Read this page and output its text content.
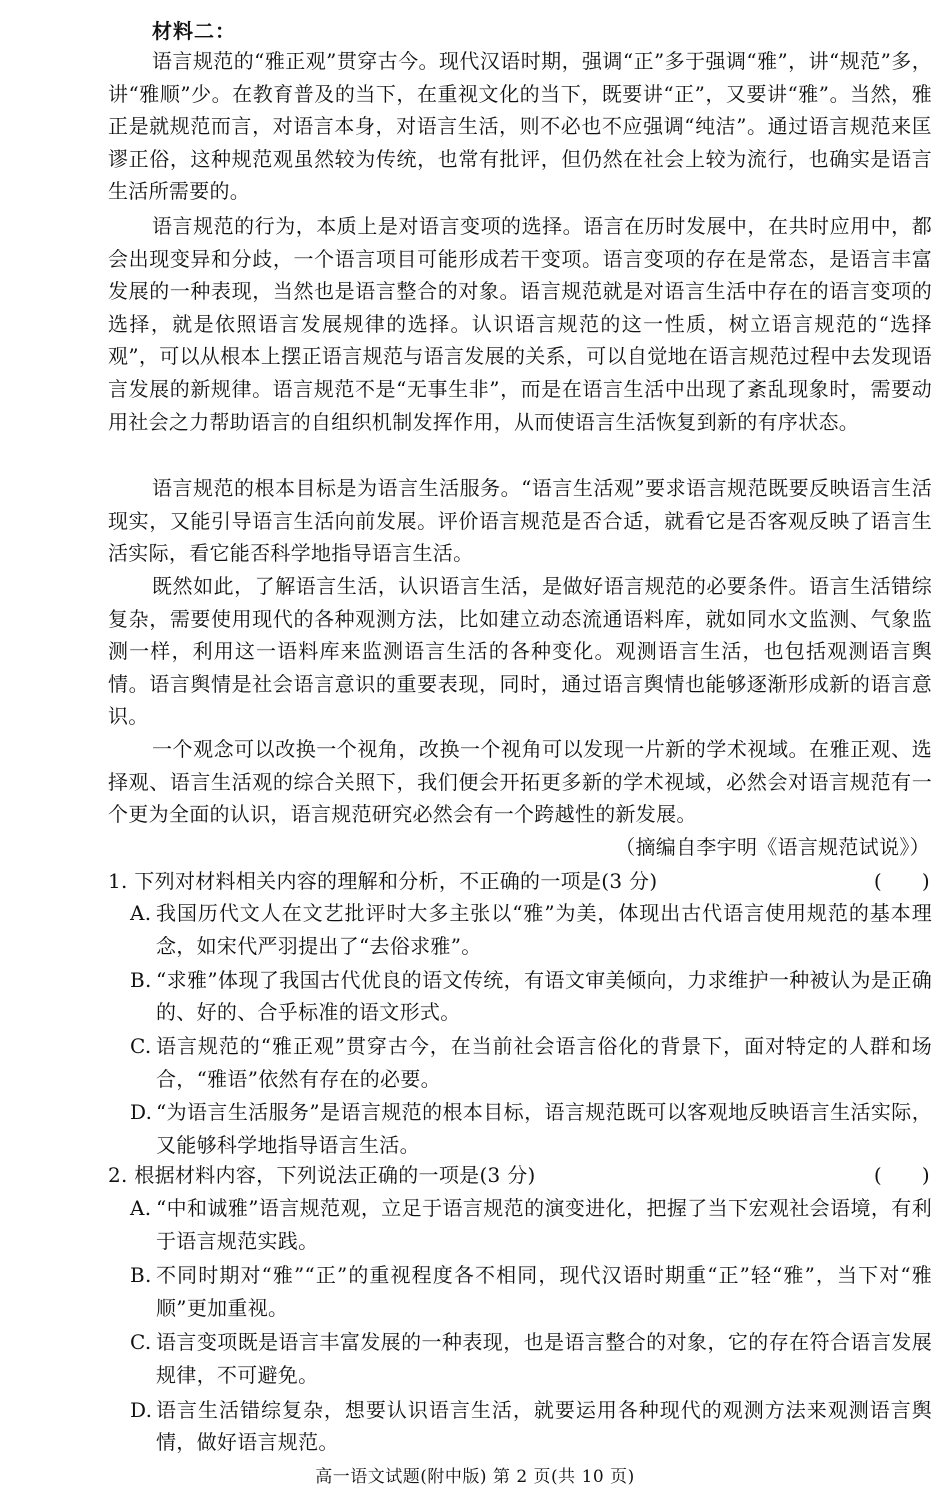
材料二：

语言规范的“雅正观”贯穿古今。现代汉语时期，强调“正”多于强调“雅”，讲“规范”多，讲“雅顺”少。在教育普及的当下，在重视文化的当下，既要讲“正”，又要讲“雅”。当然，雅正是就规范而言，对语言本身，对语言生活，则不必也不应强调“纯洁”。通过语言规范来匡谬正俗，这种规范观虽然较为传统，也常有批评，但仍然在社会上较为流行，也确实是语言生活所需要的。

语言规范的行为，本质上是对语言变项的选择。语言在历时发展中，在共时应用中，都会出现变异和分歧，一个语言项目可能形成若干变项。语言变项的存在是常态，是语言丰富发展的一种表现，当然也是语言整合的对象。语言规范就是对语言生活中存在的语言变项的选择，就是依照语言发展规律的选择。认识语言规范的这一性质，树立语言规范的“选择观”，可以从根本上摆正语言规范与语言发展的关系，可以自觉地在语言规范过程中去发现语言发展的新规律。语言规范不是“无事生非”，而是在语言生活中出现了紊乱现象时，需要动用社会之力帮助语言的自组织机制发挥作用，从而使语言生活恢复到新的有序状态。

语言规范的根本目标是为语言生活服务。“语言生活观”要求语言规范既要反映语言生活现实，又能引导语言生活向前发展。评价语言规范是否合适，就看它是否客观反映了语言生活实际，看它能否科学地指导语言生活。

既然如此，了解语言生活，认识语言生活，是做好语言规范的必要条件。语言生活错综复杂，需要使用现代的各种观测方法，比如建立动态流通语料库，就如同水文监测、气象监测一样，利用这一语料库来监测语言生活的各种变化。观测语言生活，也包括观测语言舆情。语言舆情是社会语言意识的重要表现，同时，通过语言舆情也能够逐渐形成新的语言意识。

一个观念可以改换一个视角，改换一个视角可以发现一片新的学术视域。在雅正观、选择观、语言生活观的综合关照下，我们便会开拓更多新的学术视域，必然会对语言规范有一个更为全面的认识，语言规范研究必然会有一个跨越性的新发展。

（摘编自李宇明《语言规范试说》）
1. 下列对材料相关内容的理解和分析，不正确的一项是(3 分)	(      )
A. 我国历代文人在文艺批评时大多主张以“雅”为美，体现出古代语言使用规范的基本理念，如宋代严羽提出了“去俗求雅”。
B. “求雅”体现了我国古代优良的语文传统，有语文审美倾向，力求维护一种被认为是正确的、好的、合乎标准的语文形式。
C. 语言规范的“雅正观”贯穿古今，在当前社会语言俗化的背景下，面对特定的人群和场合，“雅语”依然有存在的必要。
D. “为语言生活服务”是语言规范的根本目标，语言规范既可以客观地反映语言生活实际，又能够科学地指导语言生活。
2. 根据材料内容，下列说法正确的一项是(3 分)	(      )
A. “中和诚雅”语言规范观，立足于语言规范的演变进化，把握了当下宏观社会语境，有利于语言规范实践。
B. 不同时期对“雅”“正”的重视程度各不相同，现代汉语时期重“正”轻“雅”，当下对“雅顺”更加重视。
C. 语言变项既是语言丰富发展的一种表现，也是语言整合的对象，它的存在符合语言发展规律，不可避免。
D. 语言生活错综复杂，想要认识语言生活，就要运用各种现代的观测方法来观测语言舆情，做好语言规范。
高一语文试题(附中版) 第 2 页(共 10 页)
